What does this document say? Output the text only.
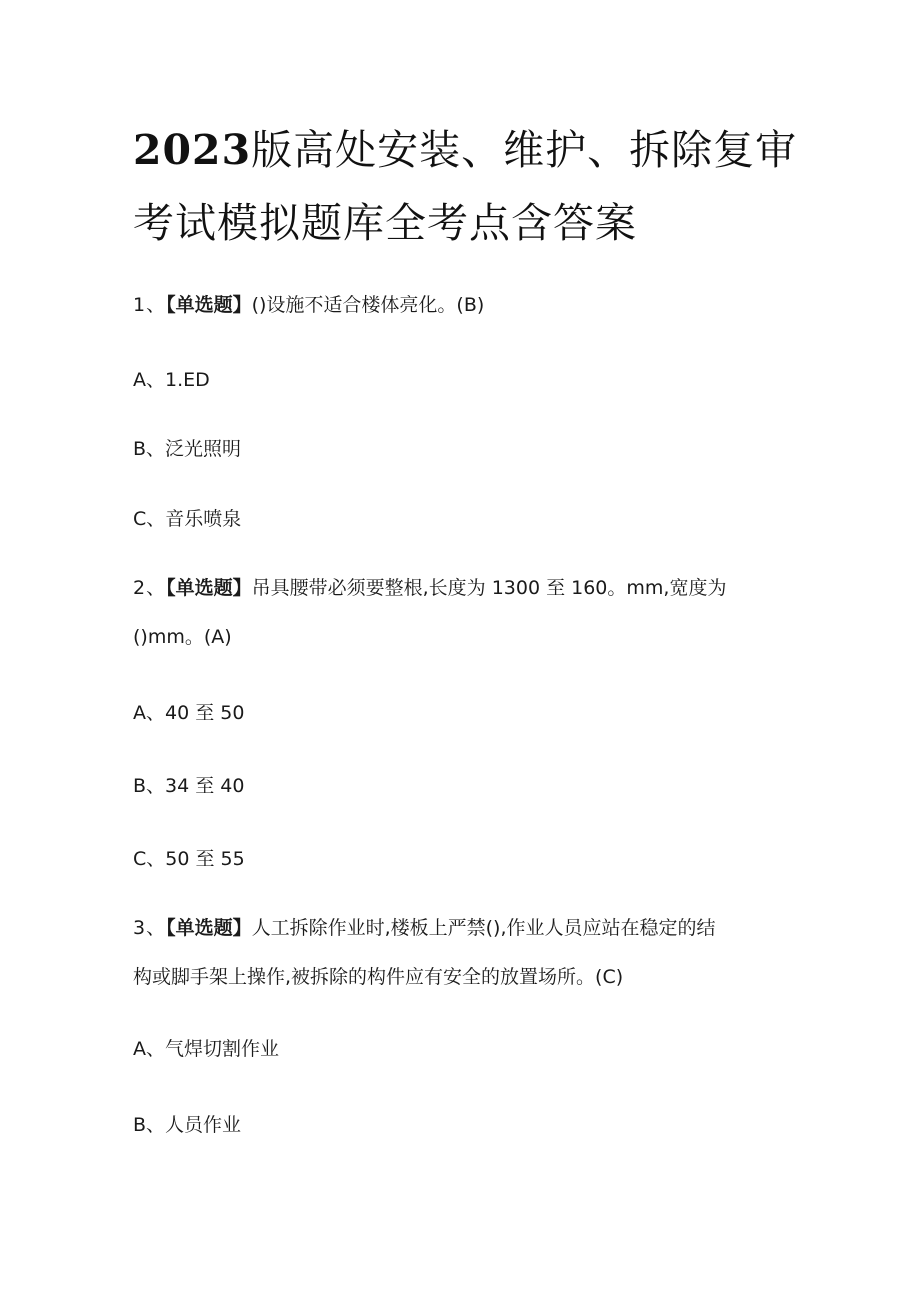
2023版高处安装、维护、拆除复审
考试模拟题库全考点含答案
1、【单选题】()设施不适合楼体亮化。(B)
A、1.ED
B、泛光照明
C、音乐喷泉
2、【单选题】吊具腰带必须要整根,长度为 1300 至 160。mm,宽度为
()mm。(A)
A、40 至 50
B、34 至 40
C、50 至 55
3、【单选题】人工拆除作业时,楼板上严禁(),作业人员应站在稳定的结
构或脚手架上操作,被拆除的构件应有安全的放置场所。(C)
A、气焊切割作业
B、人员作业
